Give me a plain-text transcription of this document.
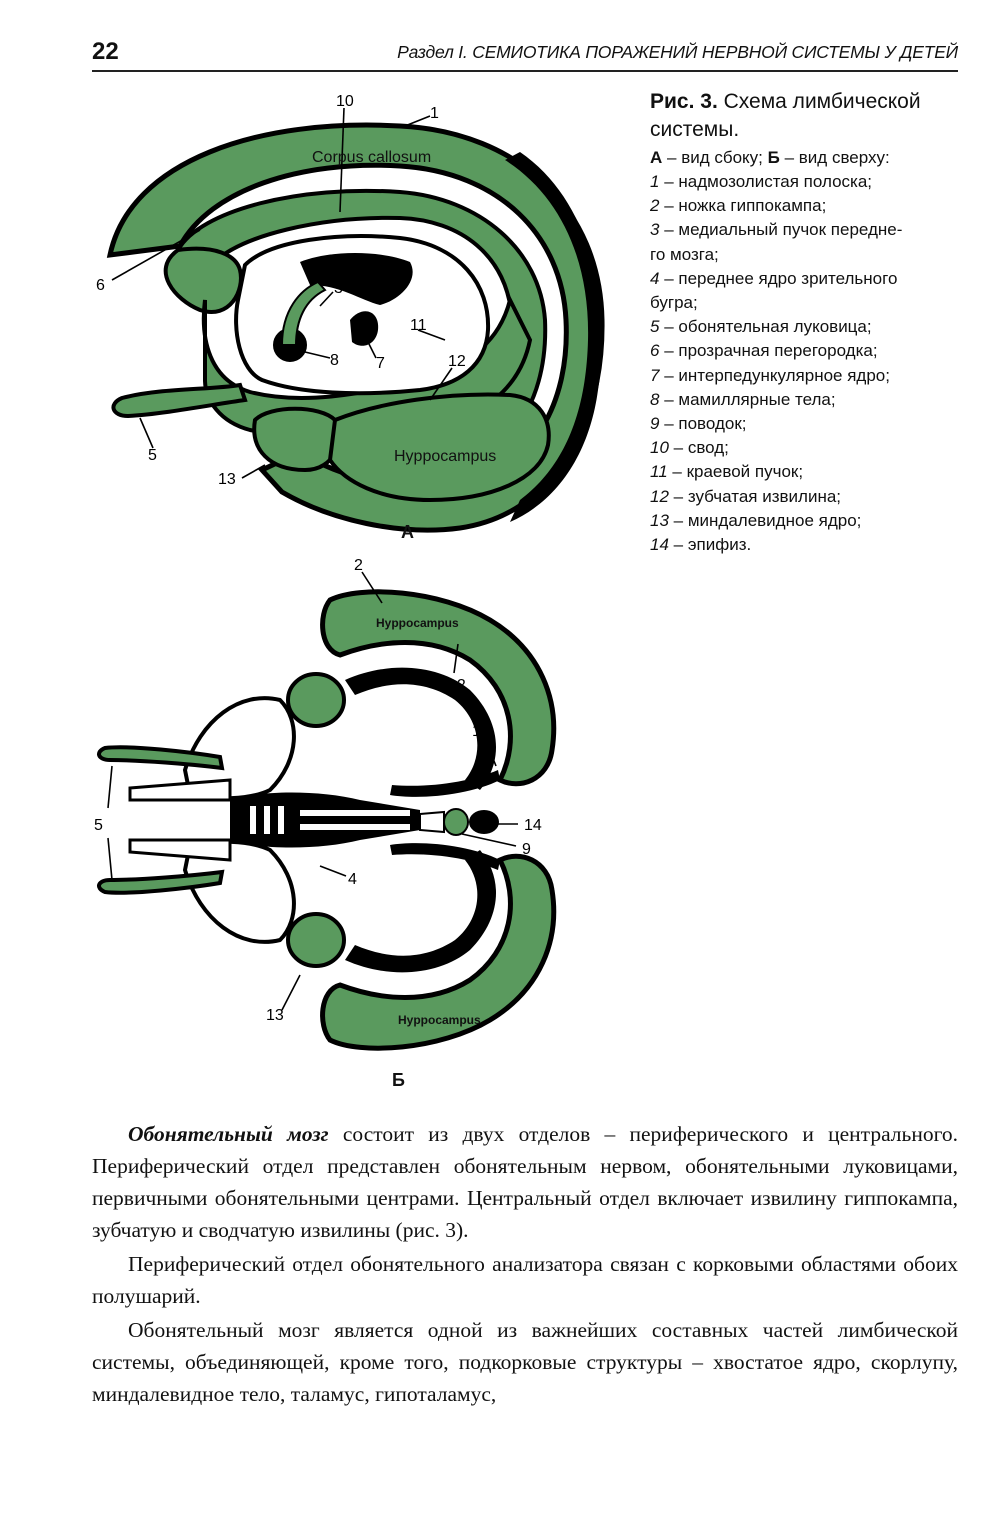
22	Раздел I. СЕМИОТИКА ПОРАЖЕНИЙ НЕРВНОЙ СИСТЕМЫ У ДЕТЕЙ
10
1
6
4
3
11
8 7	12
5
13
Corpus callosum
Hyppocampus
2
12
10
5	14
9
4
13
Hyppocampus
Hyppocampus
А
Б

Рис. 3. Схема лимбической системы.

А – вид сбоку; Б – вид сверху:

1 – надмозолистая полоска;
2 – ножка гиппокампа;
3 – медиальный пучок передне-
го мозга;
4 – переднее ядро зрительного
бугра;
5 – обонятельная луковица;
6 – прозрачная перегородка;
7 – интерпедункулярное ядро;
8 – мамиллярные тела;
9 – поводок;
10 – свод;
11 – краевой пучок;
12 – зубчатая извилина;
13 – миндалевидное ядро;
14 – эпифиз.

Обонятельный мозг состоит из двух отделов – периферического и центрального. Периферический отдел представлен обонятельным нервом, обонятельными луковицами, первичными обонятельными центрами. Центральный отдел включает извилину гиппокампа, зубчатую и сводчатую извилины (рис. 3).

Периферический отдел обонятельного анализатора связан с корковыми областями обоих полушарий.

Обонятельный мозг является одной из важнейших составных частей лимбической системы, объединяющей, кроме того, подкорковые структуры – хвостатое ядро, скорлупу, миндалевидное тело, таламус, гипоталамус,
